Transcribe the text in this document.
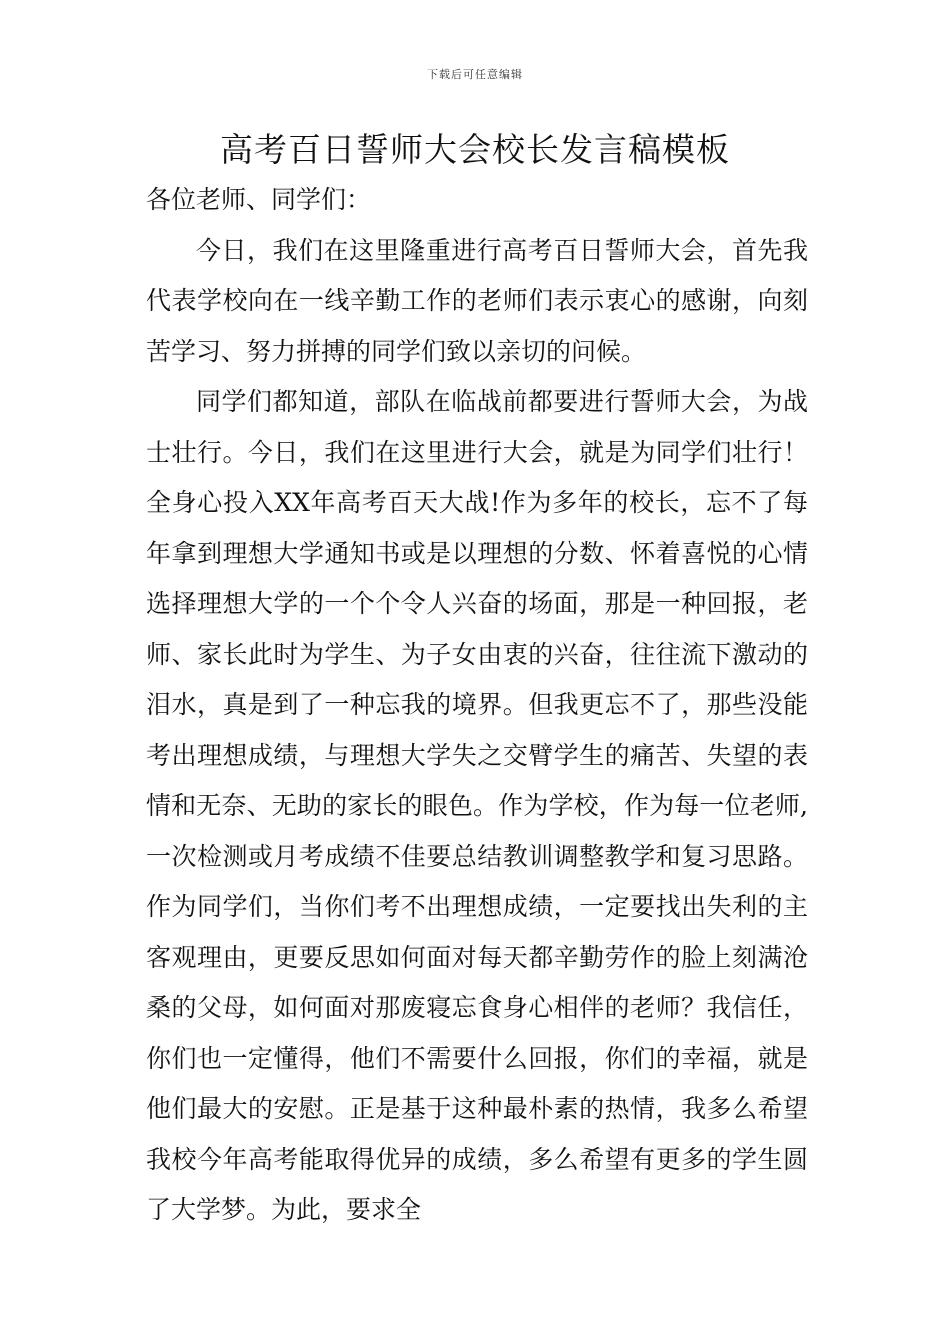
下载后可任意编辑
高考百日誓师大会校长发言稿模板

各位老师、同学们：

今日，我们在这里隆重进行高考百日誓师大会，首先我代表学校向在一线辛勤工作的老师们表示衷心的感谢，向刻苦学习、努力拼搏的同学们致以亲切的问候。

同学们都知道，部队在临战前都要进行誓师大会，为战士壮行。今日，我们在这里进行大会，就是为同学们壮行！全身心投入XX年高考百天大战!作为多年的校长，忘不了每年拿到理想大学通知书或是以理想的分数、怀着喜悦的心情选择理想大学的一个个令人兴奋的场面，那是一种回报，老师、家长此时为学生、为子女由衷的兴奋，往往流下激动的泪水，真是到了一种忘我的境界。但我更忘不了，那些没能考出理想成绩，与理想大学失之交臂学生的痛苦、失望的表情和无奈、无助的家长的眼色。作为学校，作为每一位老师,一次检测或月考成绩不佳要总结教训调整教学和复习思路。作为同学们，当你们考不出理想成绩，一定要找出失利的主客观理由，更要反思如何面对每天都辛勤劳作的脸上刻满沧桑的父母，如何面对那废寝忘食身心相伴的老师？我信任，你们也一定懂得，他们不需要什么回报，你们的幸福，就是他们最大的安慰。正是基于这种最朴素的热情，我多么希望我校今年高考能取得优异的成绩，多么希望有更多的学生圆了大学梦。为此，要求全
